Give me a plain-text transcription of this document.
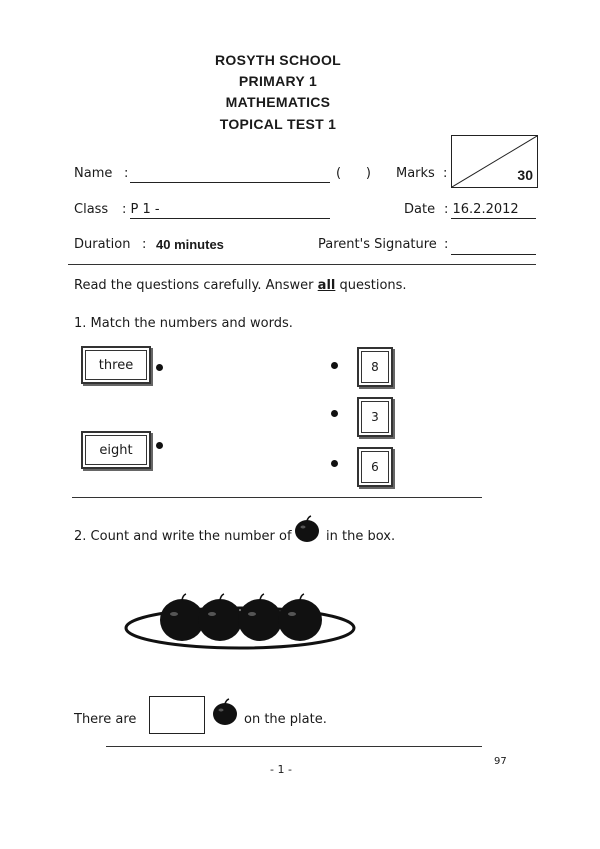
ROSYTH SCHOOL
PRIMARY 1
MATHEMATICS
TOPICAL TEST 1
Name :	(      ) Marks :	30
Class : P 1 -	Date : 16.2.2012
Duration : 40 minutes	Parent's Signature :
Read the questions carefully. Answer all questions.
1. Match the numbers and words.
three
eight
8
3
6
2. Count and write the number of	in the box.
There are	on the plate.
- 1 -
97
